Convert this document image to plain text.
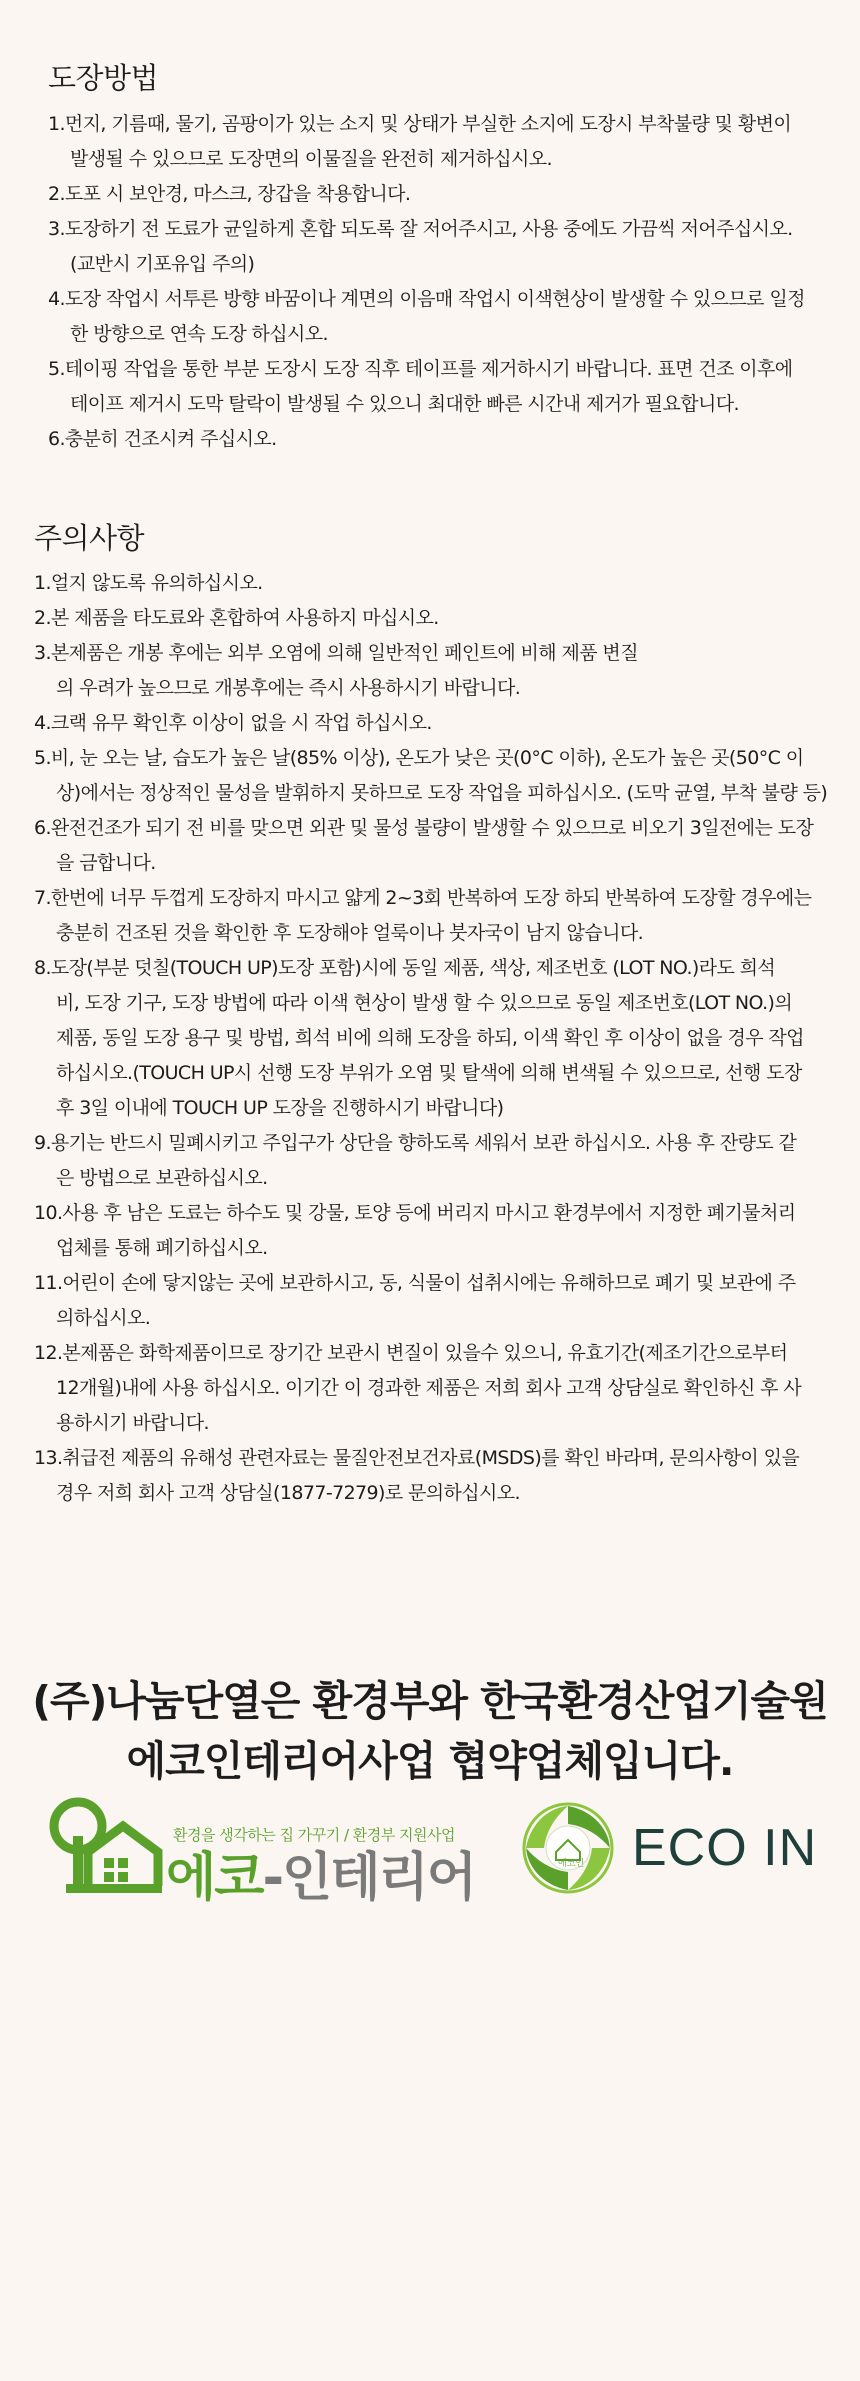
도장방법
1.먼지, 기름때, 물기, 곰팡이가 있는 소지 및 상태가 부실한 소지에 도장시 부착불량 및 황변이
발생될 수 있으므로 도장면의 이물질을 완전히 제거하십시오.
2.도포 시 보안경, 마스크, 장갑을 착용합니다.
3.도장하기 전 도료가 균일하게 혼합 되도록 잘 저어주시고, 사용 중에도 가끔씩 저어주십시오.
(교반시 기포유입 주의)
4.도장 작업시 서투른 방향 바꿈이나 계면의 이음매 작업시 이색현상이 발생할 수 있으므로 일정
한 방향으로 연속 도장 하십시오.
5.테이핑 작업을 통한 부분 도장시 도장 직후 테이프를 제거하시기 바랍니다. 표면 건조 이후에
테이프 제거시 도막 탈락이 발생될 수 있으니 최대한 빠른 시간내 제거가 필요합니다.
6.충분히 건조시켜 주십시오.
주의사항
1.얼지 않도록 유의하십시오.
2.본 제품을 타도료와 혼합하여 사용하지 마십시오.
3.본제품은 개봉 후에는 외부 오염에 의해 일반적인 페인트에 비해 제품 변질
의 우려가 높으므로 개봉후에는 즉시 사용하시기 바랍니다.
4.크랙 유무 확인후 이상이 없을 시 작업 하십시오.
5.비, 눈 오는 날, 습도가 높은 날(85% 이상), 온도가 낮은 곳(0°C 이하), 온도가 높은 곳(50°C 이
상)에서는 정상적인 물성을 발휘하지 못하므로 도장 작업을 피하십시오. (도막 균열, 부착 불량 등)
6.완전건조가 되기 전 비를 맞으면 외관 및 물성 불량이 발생할 수 있으므로 비오기 3일전에는 도장
을 금합니다.
7.한번에 너무 두껍게 도장하지 마시고 얇게 2~3회 반복하여 도장 하되 반복하여 도장할 경우에는
충분히 건조된 것을 확인한 후 도장해야 얼룩이나 붓자국이 남지 않습니다.
8.도장(부분 덧칠(TOUCH UP)도장 포함)시에 동일 제품, 색상, 제조번호 (LOT NO.)라도 희석
비, 도장 기구, 도장 방법에 따라 이색 현상이 발생 할 수 있으므로 동일 제조번호(LOT NO.)의
제품, 동일 도장 용구 및 방법, 희석 비에 의해 도장을 하되, 이색 확인 후 이상이 없을 경우 작업
하십시오.(TOUCH UP시 선행 도장 부위가 오염 및 탈색에 의해 변색될 수 있으므로, 선행 도장
후 3일 이내에 TOUCH UP 도장을 진행하시기 바랍니다)
9.용기는 반드시 밀폐시키고 주입구가 상단을 향하도록 세워서 보관 하십시오. 사용 후 잔량도 같
은 방법으로 보관하십시오.
10.사용 후 남은 도료는 하수도 및 강물, 토양 등에 버리지 마시고 환경부에서 지정한 폐기물처리
업체를 통해 폐기하십시오.
11.어린이 손에 닿지않는 곳에 보관하시고, 동, 식물이 섭취시에는 유해하므로 폐기 및 보관에 주
의하십시오.
12.본제품은 화학제품이므로 장기간 보관시 변질이 있을수 있으니, 유효기간(제조기간으로부터
12개월)내에 사용 하십시오. 이기간 이 경과한 제품은 저희 회사 고객 상담실로 확인하신 후 사
용하시기 바랍니다.
13.취급전 제품의 유해성 관련자료는 물질안전보건자료(MSDS)를 확인 바라며, 문의사항이 있을
경우 저희 회사 고객 상담실(1877-7279)로 문의하십시오.
(주)나눔단열은 환경부와 한국환경산업기술원
에코인테리어사업 협약업체입니다.
환경을 생각하는 집 가꾸기 / 환경부 지원사업
에코-인테리어	에코인 ECO IN
